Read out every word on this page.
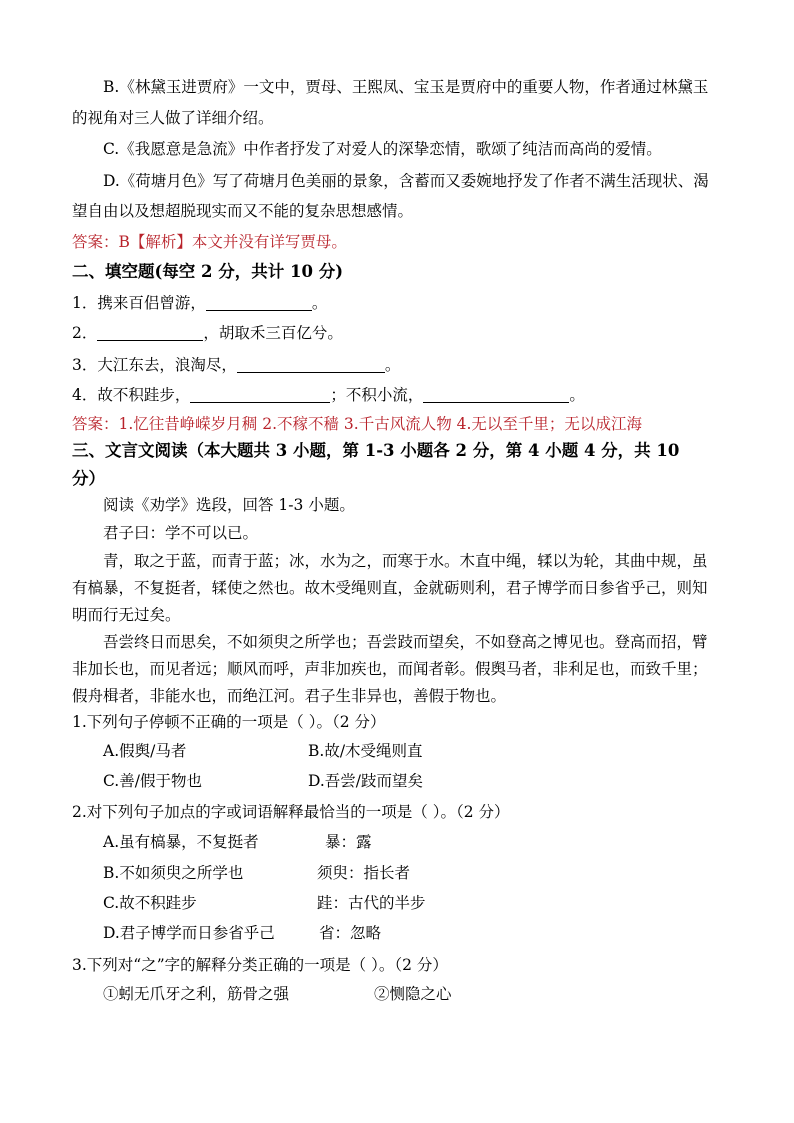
B.《林黛玉进贾府》一文中，贾母、王熙凤、宝玉是贾府中的重要人物，作者通过林黛玉
的视角对三人做了详细介绍。
C.《我愿意是急流》中作者抒发了对爱人的深挚恋情，歌颂了纯洁而高尚的爱情。
D.《荷塘月色》写了荷塘月色美丽的景象，含蓄而又委婉地抒发了作者不满生活现状、渴
望自由以及想超脱现实而又不能的复杂思想感情。
答案：B【解析】本文并没有详写贾母。
二、填空题(每空 2 分，共计 10 分)
1．携来百侣曾游，	。
2．	，胡取禾三百亿兮。
3．大江东去，浪淘尽，	。
4．故不积跬步，	；不积小流，	。
答案：1.忆往昔峥嵘岁月稠 2.不稼不穑 3.千古风流人物 4.无以至千里；无以成江海
三、文言文阅读（本大题共 3 小题，第 1-3 小题各 2 分，第 4 小题 4 分，共 10
分）
阅读《劝学》选段，回答 1-3 小题。
君子曰：学不可以已。
青，取之于蓝，而青于蓝；冰，水为之，而寒于水。木直中绳，𫐓以为轮，其曲中规，虽
有槁暴，不复挺者，𫐓使之然也。故木受绳则直，金就砺则利，君子博学而日参省乎己，则知
明而行无过矣。
吾尝终日而思矣，不如须臾之所学也；吾尝跂而望矣，不如登高之博见也。登高而招，臂
非加长也，而见者远；顺风而呼，声非加疾也，而闻者彰。假舆马者，非利足也，而致千里；
假舟楫者，非能水也，而绝江河。君子生非异也，善假于物也。
1.下列句子停顿不正确的一项是（ ）。（2 分）
A.假舆/马者	B.故/木受绳则直
C.善/假于物也	D.吾尝/跂而望矣
2.对下列句子加点的字或词语解释最恰当的一项是（ ）。（2 分）
A.虽有槁暴，不复挺者	暴：露
B.不如须臾之所学也	须臾：指长者
C.故不积跬步	跬：古代的半步
D.君子博学而日参省乎己	省：忽略
3.下列对“之”字的解释分类正确的一项是（ ）。（2 分）
①蚓无爪牙之利，筋骨之强	②恻隐之心
